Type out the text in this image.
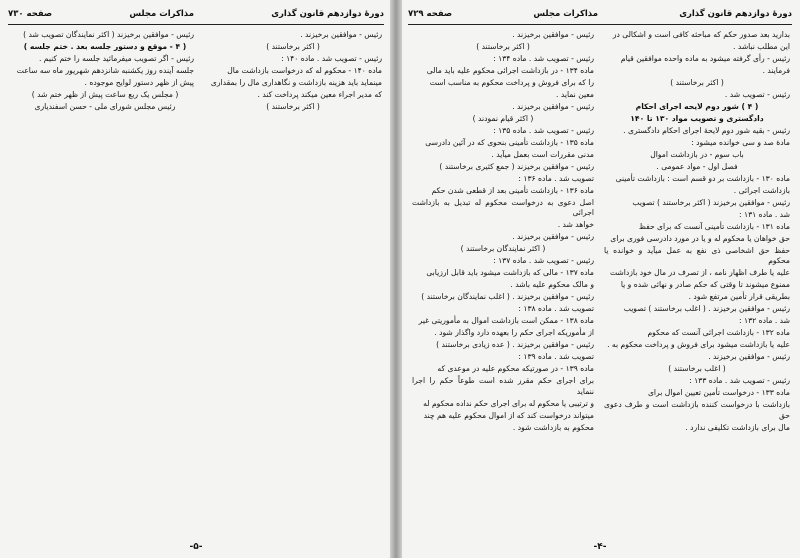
دورۀ دوازدهم قانون گذاری
مذاکرات مجلس
صفحه ۷۳۰

رئیس - موافقین برخیزند .

( اکثر برخاستند )

رئیس - تصویب شد . ماده ۱۴۰ :

ماده ۱۴۰ - محکوم له که درخواست بازداشت مال

مینماید باید هزینه بازداشت و نگاهداری مال را بمقداری

که مدیر اجراء معین میکند پرداخت کند .

( اکثر برخاستند )

رئیس - موافقین برخیزند ( اکثر نمایندگان تصویب شد )

( ۴ - موقع و دستور جلسه بعد . ختم جلسه )

رئیس - اگر تصویب میفرمائید جلسه را ختم کنیم .

جلسه آینده روز یکشنبه شانزدهم شهریور ماه سه ساعت

پیش از ظهر دستور لوایح موجوده .

( مجلس یک ربع ساعت پیش از ظهر ختم شد )

رئیس مجلس شورای ملی - حسن اسفندیاری

-۵-
دورۀ دوازدهم قانون گذاری
مذاکرات مجلس
صفحه ۷۲۹

بدارید بعد صدور حکم که مباحثه کافی است و اشکالی در

این مطلب نباشد .

رئیس - رأی گرفته میشود به ماده واحده موافقین قیام

فرمایند .

( اکثر برخاستند )

رئیس - تصویب شد .

( ۴ ) شور دوم لایحه اجرای احکام

دادگستری و تصویب مواد ۱۳۰ تا ۱۴۰

رئیس - بقیه شور دوم لایحۀ اجرای احکام دادگستری .

مادۀ صد و سی خوانده میشود :

باب سوم - در بازداشت اموال

فصل اول - مواد عمومی .

ماده ۱۳۰ - بازداشت بر دو قسم است : بازداشت تأمینی

بازداشت اجرائی .

رئیس - موافقین برخیزند ( اکثر برخاستند ) تصویب

شد . ماده ۱۳۱ :

ماده ۱۳۱ - بازداشت تأمینی آنست که برای حفظ

حق خواهان یا محکوم له و یا در مورد دادرسی فوری برای

حفظ حق اشخاصی ذی نفع به عمل میآید و خوانده یا محکوم

علیه یا طرف اظهار نامه ، از تصرف در مال خود بازداشت

ممنوع میشوند تا وقتی که حکم صادر و نهائی شده و یا

بطریقی قرار تأمین مرتفع شود .

رئیس - موافقین برخیزند . ( اغلب برخاستند ) تصویب

شد . ماده ۱۳۲ :

ماده ۱۳۲ - بازداشت اجرائی آنست که محکوم

علیه یا بازداشت میشود برای فروش و پرداخت محکوم به .

رئیس - موافقین برخیزند .

( اغلب برخاستند )

رئیس - تصویب شد . ماده ۱۳۳ :

ماده ۱۳۳ - درخواست تأمین تعیین اموال برای

بازداشت با درخواست کننده بازداشت است و طرف دعوی حق

مال برای بازداشت تکلیفی ندارد .

رئیس - موافقین برخیزند .

( اکثر برخاستند )

رئیس - تصویب شد . ماده ۱۳۴ :

ماده ۱۳۴ - در بازداشت اجرائی محکوم علیه باید مالی

را که برای فروش و پرداخت محکوم به مناسب است

معین نماید .

رئیس - موافقین برخیزند .

( اکثر قیام نمودند )

رئیس - تصویب شد . ماده ۱۳۵ :

ماده ۱۳۵ - بازداشت تأمینی بنحوی که در آئین دادرسی

مدنی مقررات است بعمل میآید .

رئیس - موافقین برخیزند ( جمع کثیری برخاستند )

تصویب شد . ماده ۱۳۶ :

ماده ۱۳۶ - بازداشت تأمینی بعد از قطعی شدن حکم

اصل دعوی به درخواست محکوم له تبدیل به بازداشت اجرائی

خواهد شد .

رئیس - موافقین برخیزند .

( اکثر نمایندگان برخاستند )

رئیس - تصویب شد . ماده ۱۳۷ :

ماده ۱۳۷ - مالی که بازداشت میشود باید قابل ارزیابی

و مالک محکوم علیه باشد .

رئیس - موافقین برخیزند . ( اغلب نمایندگان برخاستند )

تصویب شد . ماده ۱۳۸ :

ماده ۱۳۸ - ممکن است بازداشت اموال به مأموریتی غیر

از مأموریکه اجرای حکم را بعهده دارد واگذار شود .

رئیس - موافقین برخیزند . ( عده زیادی برخاستند )

تصویب شد . ماده ۱۳۹ :

ماده ۱۳۹ - در صورتیکه محکوم علیه در موعدی که

برای اجرای حکم مقرر شده است طوعاً حکم را اجرا ننماید

و ترتیبی یا محکوم له برای اجرای حکم نداده محکوم له

میتواند درخواست کند که از اموال محکوم علیه هم چند

محکوم به بازداشت شود .

-۴-
